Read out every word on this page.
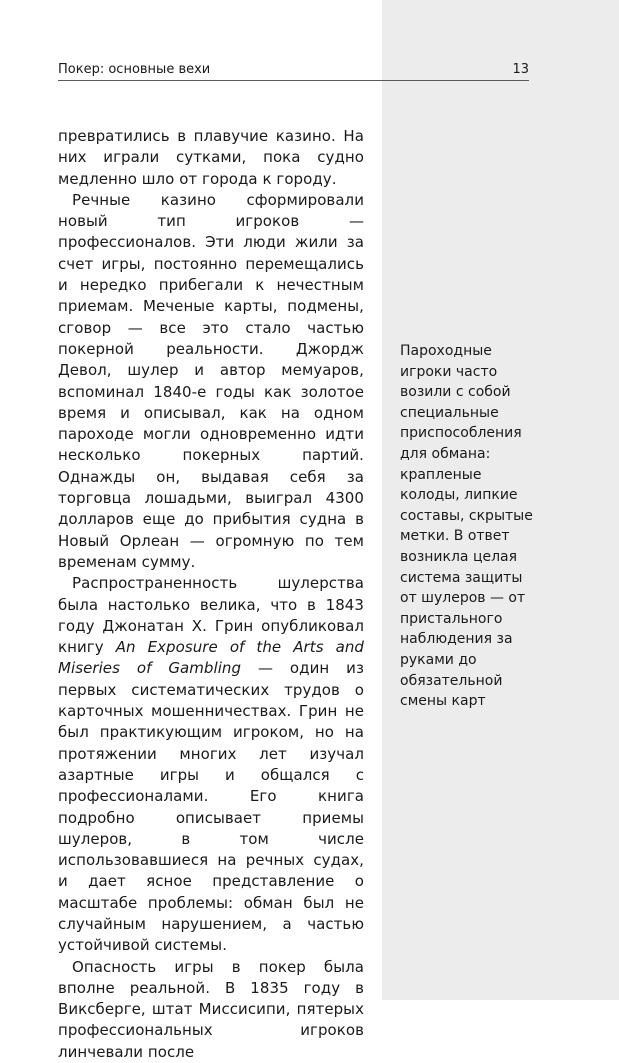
Покер: основные вехи	13

превратились в плавучие казино. На них играли сутками, пока судно медленно шло от города к городу.

Речные казино сформировали новый тип игроков — профессионалов. Эти люди жили за счет игры, постоянно перемещались и нередко прибегали к нечестным приемам. Меченые карты, подмены, сговор — все это стало частью покерной реальности. Джордж Девол, шулер и автор мемуаров, вспоминал 1840-е годы как золотое время и описывал, как на одном пароходе могли одновременно идти несколько покерных партий. Однажды он, выдавая себя за торговца лошадьми, выиграл 4300 долларов еще до прибытия судна в Новый Орлеан — огромную по тем временам сумму.

Распространенность шулерства была настолько велика, что в 1843 году Джонатан Х. Грин опубликовал книгу An Exposure of the Arts and Miseries of Gambling — один из первых систематических трудов о карточных мошенничествах. Грин не был практикующим игроком, но на протяжении многих лет изучал азартные игры и общался с профессионалами. Его книга подробно описывает приемы шулеров, в том числе использовавшиеся на речных судах, и дает ясное представление о масштабе проблемы: обман был не случайным нарушением, а частью устойчивой системы.

Опасность игры в покер была вполне реальной. В 1835 году в Виксберге, штат Миссисипи, пятерых профессиональных игроков линчевали после

Пароходные игроки часто возили с собой специальные приспособления для обмана: крапленые колоды, липкие составы, скрытые метки. В ответ возникла целая система защиты от шулеров — от пристального наблюдения за руками до обязательной смены карт
